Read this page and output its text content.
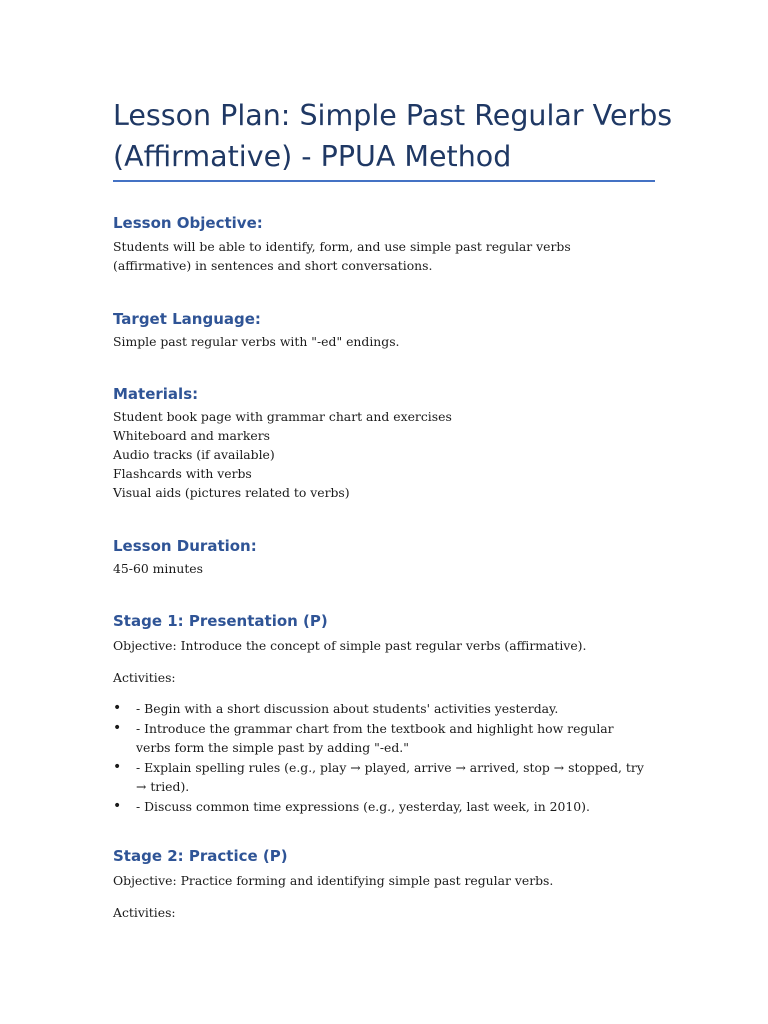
Lesson Plan: Simple Past Regular Verbs (Affirmative) - PPUA Method
Lesson Objective:

Students will be able to identify, form, and use simple past regular verbs (affirmative) in sentences and short conversations.

Target Language:

Simple past regular verbs with "-ed" endings.

Materials:

Student book page with grammar chart and exercises

Whiteboard and markers

Audio tracks (if available)

Flashcards with verbs

Visual aids (pictures related to verbs)

Lesson Duration:

45-60 minutes

Stage 1: Presentation (P)

Objective: Introduce the concept of simple past regular verbs (affirmative).

Activities:

• - Begin with a short discussion about students' activities yesterday.
• - Introduce the grammar chart from the textbook and highlight how regular verbs form the simple past by adding "-ed."
• - Explain spelling rules (e.g., play → played, arrive → arrived, stop → stopped, try → tried).
• - Discuss common time expressions (e.g., yesterday, last week, in 2010).
Stage 2: Practice (P)

Objective: Practice forming and identifying simple past regular verbs.

Activities:
